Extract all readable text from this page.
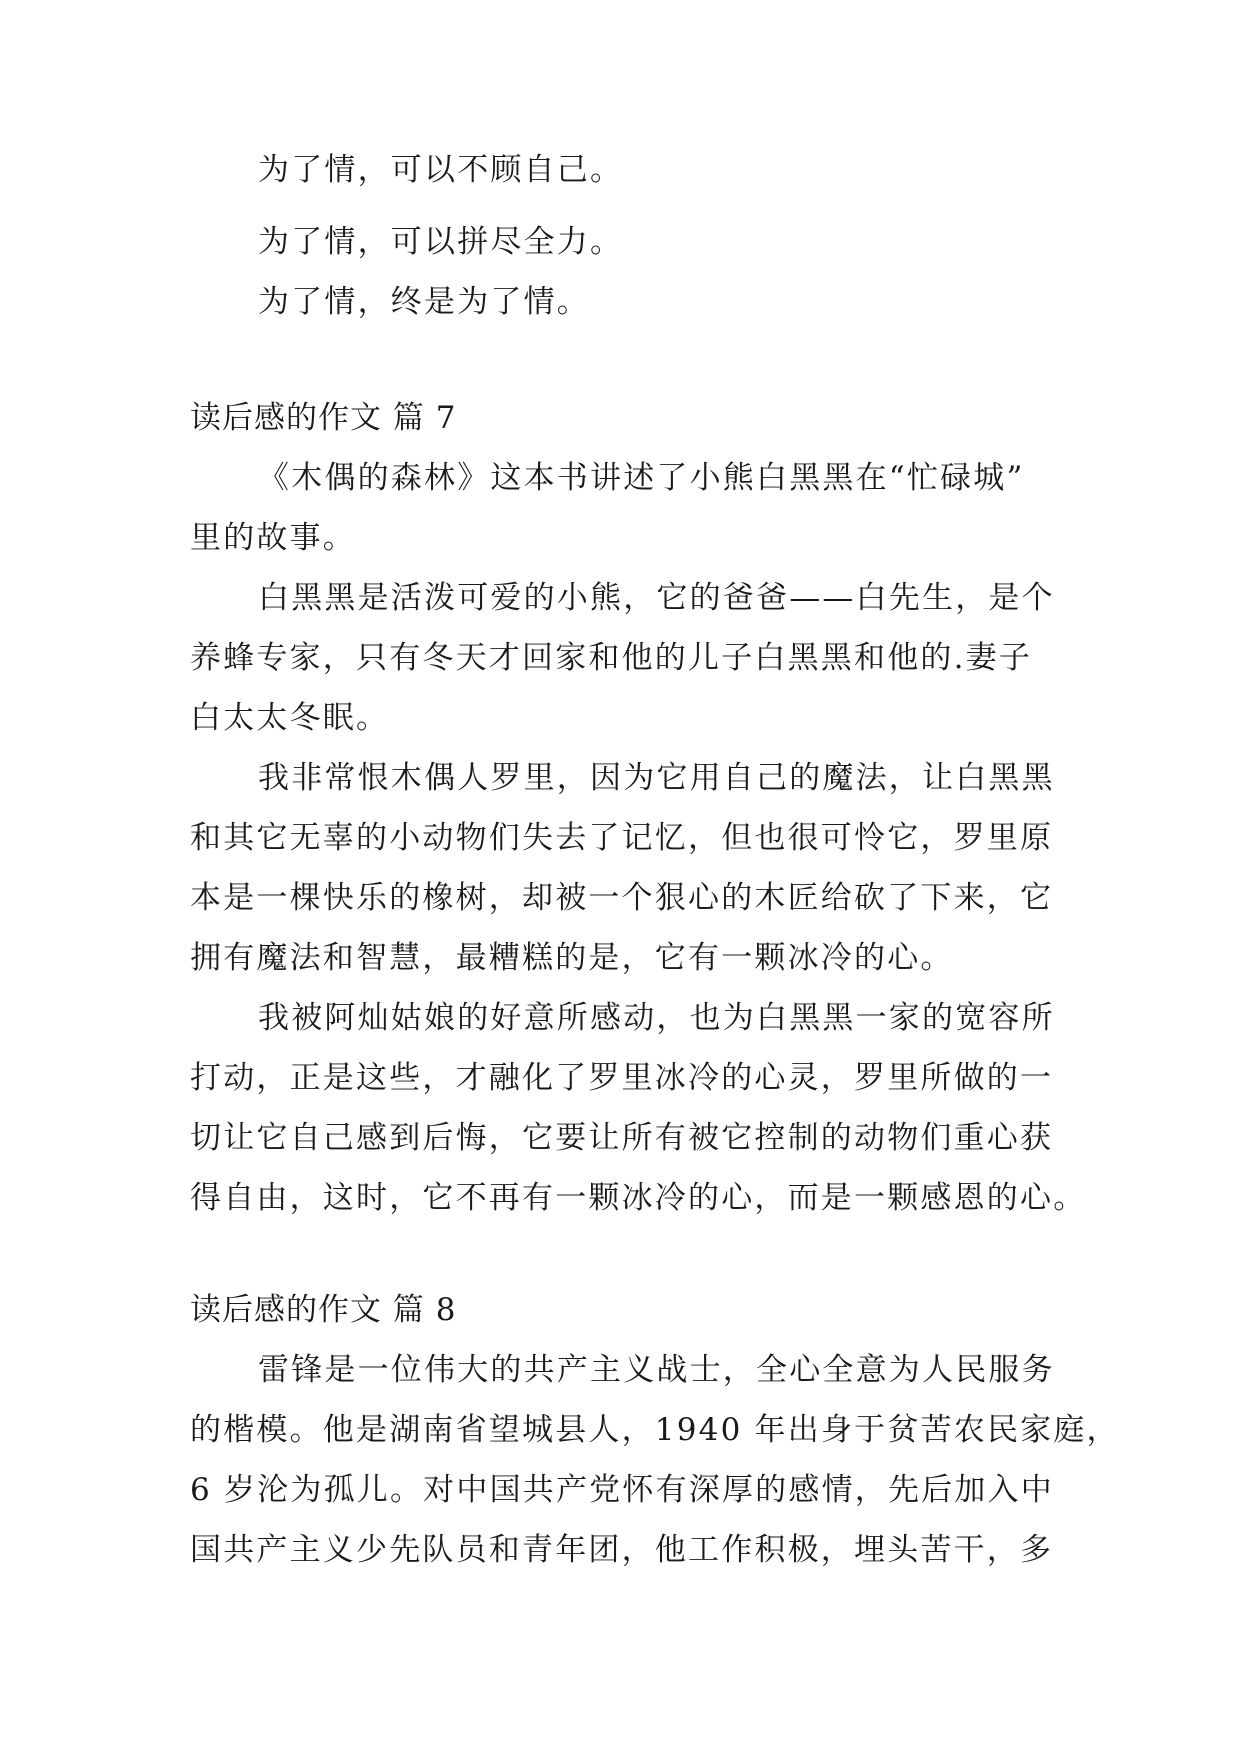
为了情，可以不顾自己。
为了情，可以拼尽全力。
为了情，终是为了情。
读后感的作文 篇 7
《木偶的森林》这本书讲述了小熊白黑黑在“忙碌城”
里的故事。
白黑黑是活泼可爱的小熊，它的爸爸——白先生，是个
养蜂专家，只有冬天才回家和他的儿子白黑黑和他的.妻子
白太太冬眠。
我非常恨木偶人罗里，因为它用自己的魔法，让白黑黑
和其它无辜的小动物们失去了记忆，但也很可怜它，罗里原
本是一棵快乐的橡树，却被一个狠心的木匠给砍了下来，它
拥有魔法和智慧，最糟糕的是，它有一颗冰冷的心。
我被阿灿姑娘的好意所感动，也为白黑黑一家的宽容所
打动，正是这些，才融化了罗里冰冷的心灵，罗里所做的一
切让它自己感到后悔，它要让所有被它控制的动物们重心获
得自由，这时，它不再有一颗冰冷的心，而是一颗感恩的心。
读后感的作文 篇 8
雷锋是一位伟大的共产主义战士，全心全意为人民服务
的楷模。他是湖南省望城县人，1940 年出身于贫苦农民家庭，
6 岁沦为孤儿。对中国共产党怀有深厚的感情，先后加入中
国共产主义少先队员和青年团，他工作积极，埋头苦干，多
